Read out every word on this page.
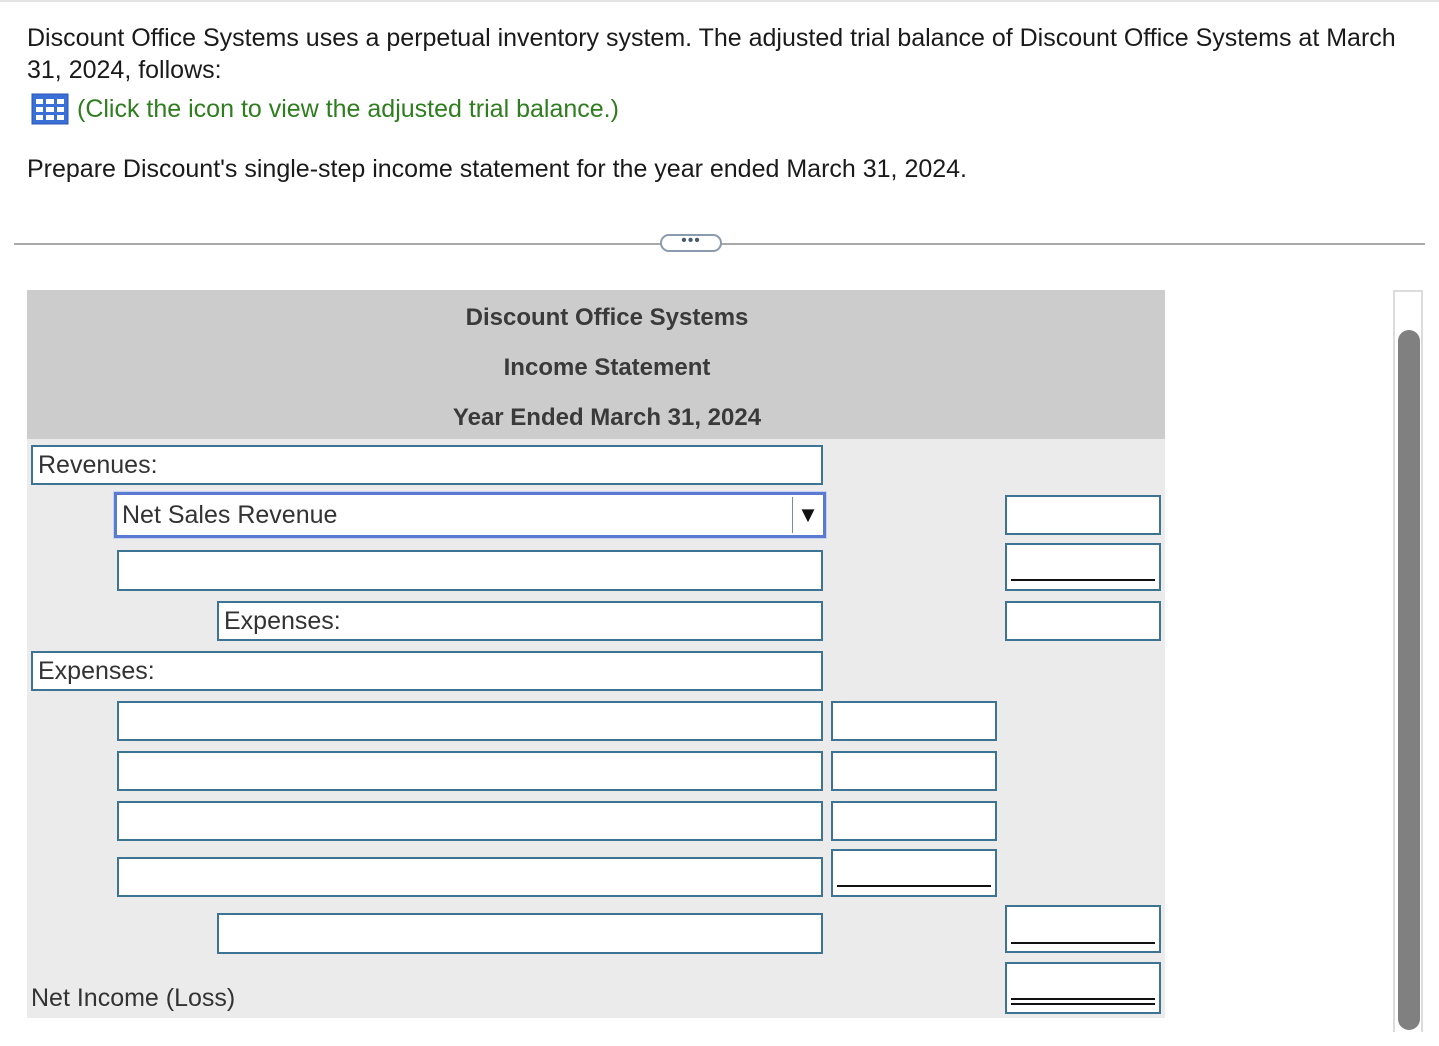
Discount Office Systems uses a perpetual inventory system. The adjusted trial balance of Discount Office Systems at March 31, 2024, follows:
(Click the icon to view the adjusted trial balance.)
Prepare Discount's single-step income statement for the year ended March 31, 2024.
•••
Discount Office Systems
Income Statement
Year Ended March 31, 2024
Revenues:
Net Sales Revenue	▼
Expenses:
Expenses:
Net Income (Loss)
